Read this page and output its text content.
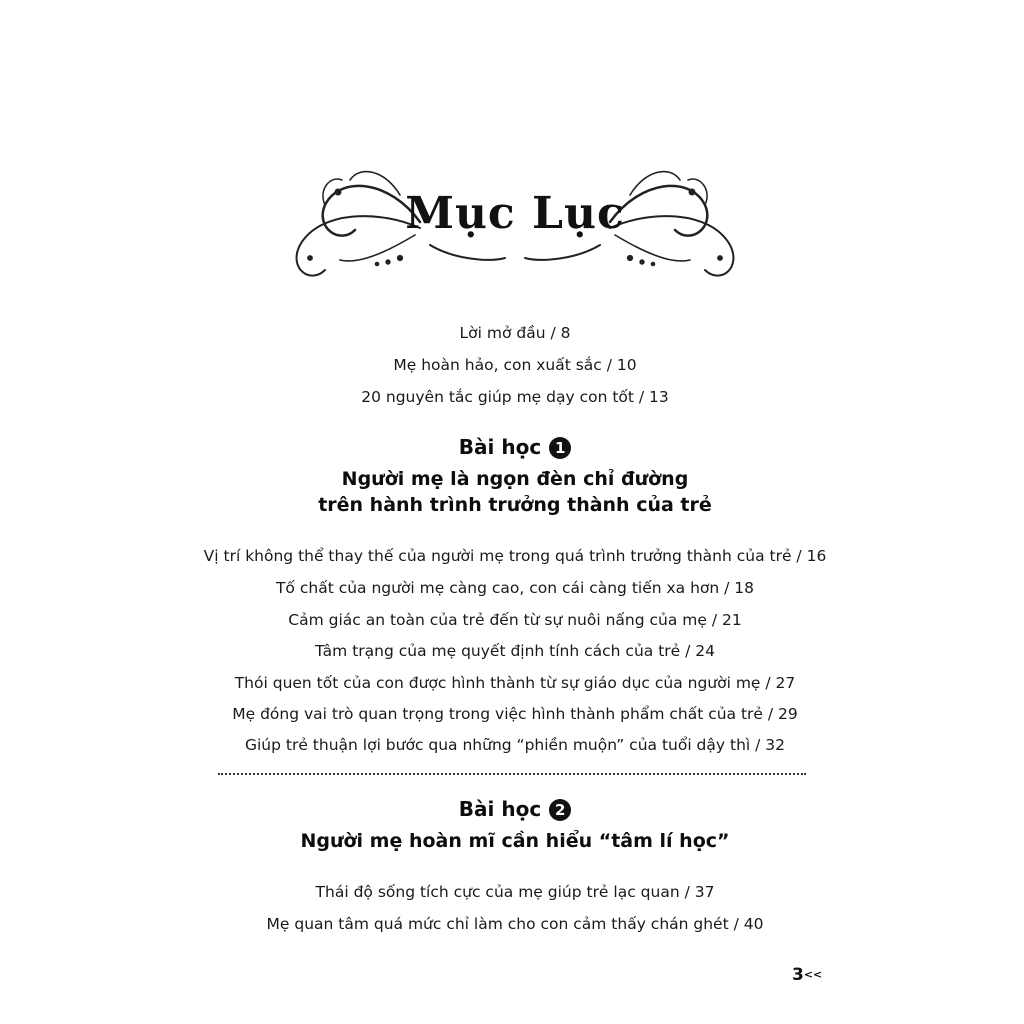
Mục Lục
Lời mở đầu / 8
Mẹ hoàn hảo, con xuất sắc / 10
20 nguyên tắc giúp mẹ dạy con tốt / 13
Bài học 1
Người mẹ là ngọn đèn chỉ đường
trên hành trình trưởng thành của trẻ
Vị trí không thể thay thế của người mẹ trong quá trình trưởng thành của trẻ / 16
Tố chất của người mẹ càng cao, con cái càng tiến xa hơn / 18
Cảm giác an toàn của trẻ đến từ sự nuôi nấng của mẹ / 21
Tâm trạng của mẹ quyết định tính cách của trẻ / 24
Thói quen tốt của con được hình thành từ sự giáo dục của người mẹ / 27
Mẹ đóng vai trò quan trọng trong việc hình thành phẩm chất của trẻ / 29
Giúp trẻ thuận lợi bước qua những “phiền muộn” của tuổi dậy thì / 32
Bài học 2
Người mẹ hoàn mĩ cần hiểu “tâm lí học”
Thái độ sống tích cực của mẹ giúp trẻ lạc quan / 37
Mẹ quan tâm quá mức chỉ làm cho con cảm thấy chán ghét / 40
3<<
